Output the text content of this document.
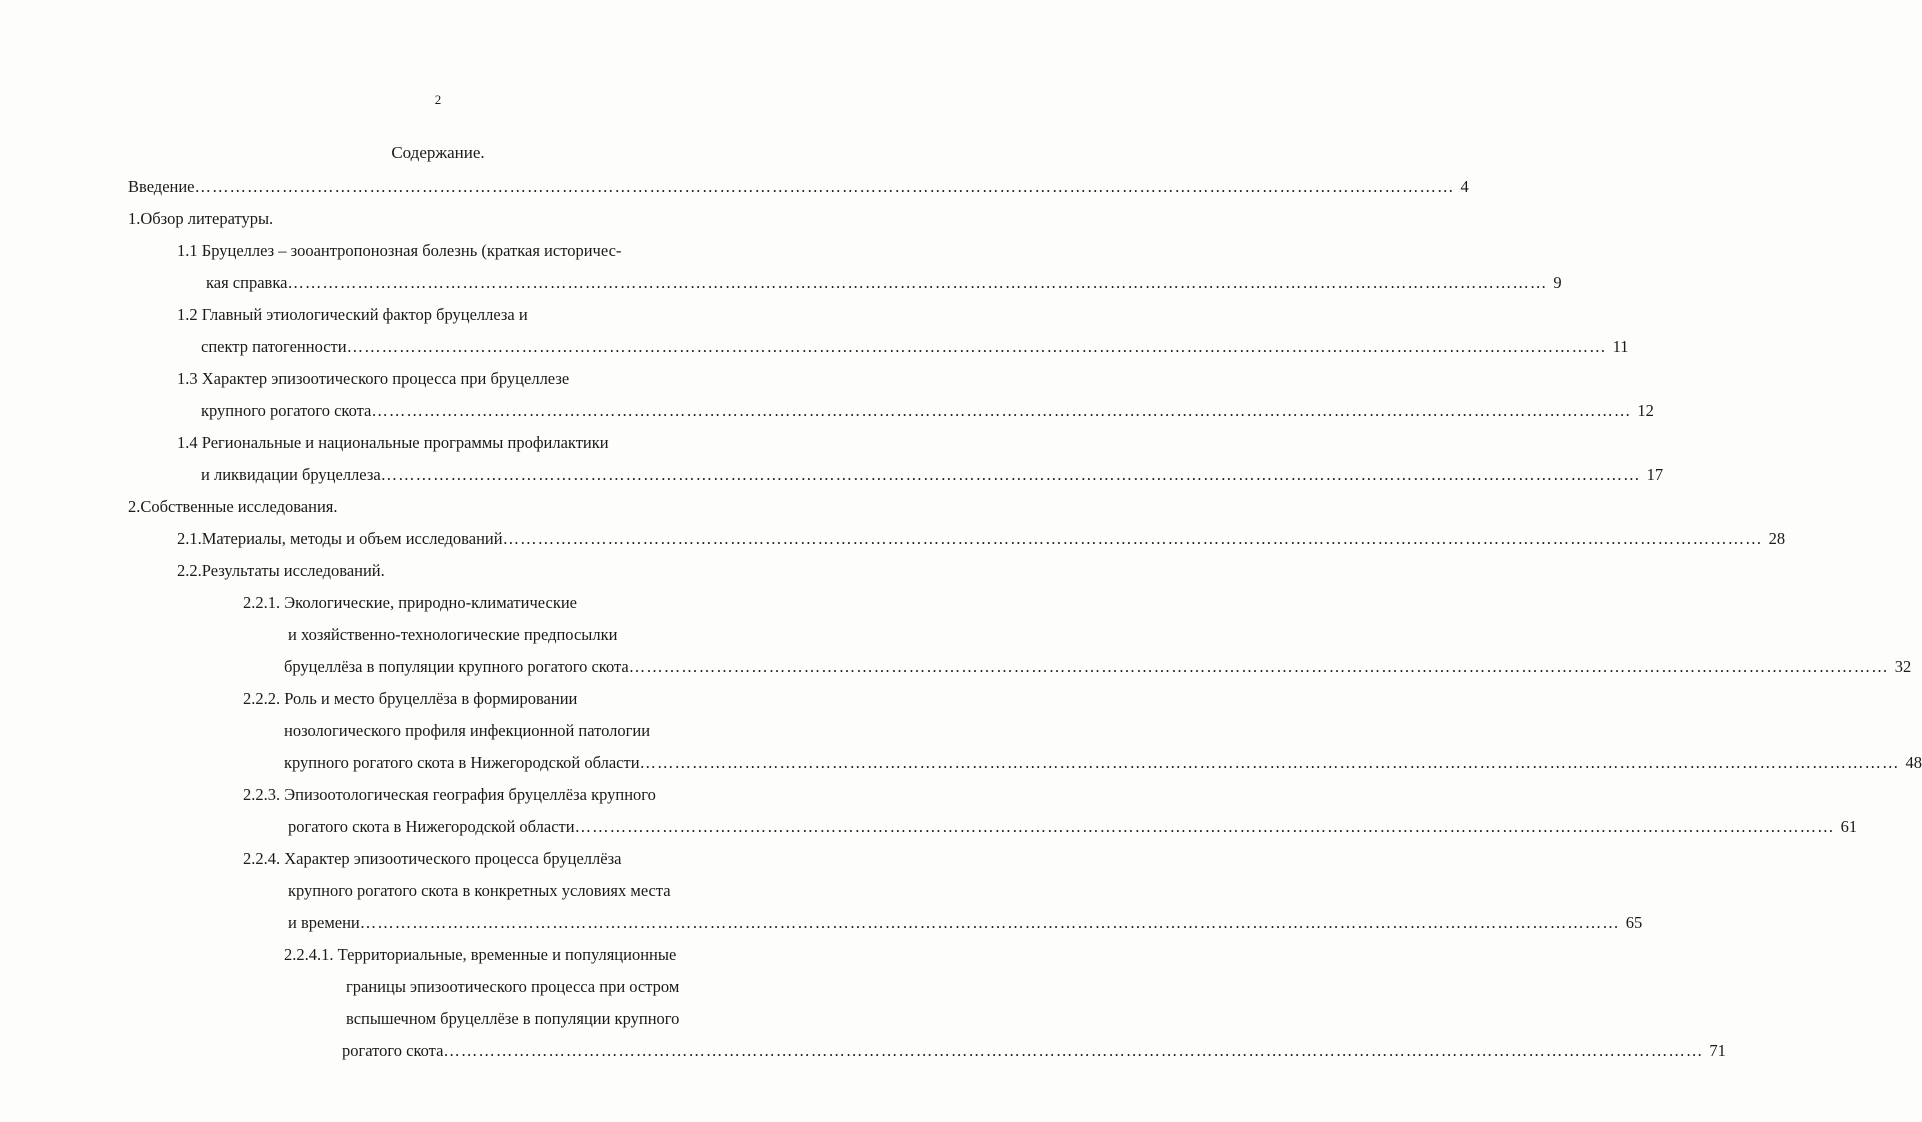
2
Содержание.
Введение ……………………………………………………………………………………………………………………………………………………………………………………………… 4
1.Обзор литературы.
1.1 Бруцеллез – зооантропонозная болезнь (краткая историчес-
кая справка ……………………………………………………………………………………………………………………………………………………………………………………………… 9
1.2 Главный этиологический фактор бруцеллеза и
спектр патогенности ……………………………………………………………………………………………………………………………………………………………………………………………… 11
1.3 Характер эпизоотического процесса при бруцеллезе
крупного рогатого скота ……………………………………………………………………………………………………………………………………………………………………………………………… 12
1.4 Региональные и национальные программы профилактики
и ликвидации бруцеллеза ……………………………………………………………………………………………………………………………………………………………………………………………… 17
2.Собственные исследования.
2.1.Материалы, методы и объем исследований ……………………………………………………………………………………………………………………………………………………………………………………………… 28
2.2.Результаты исследований.
2.2.1. Экологические, природно-климатические
и хозяйственно-технологические предпосылки
бруцеллёза в популяции крупного рогатого скота ……………………………………………………………………………………………………………………………………………………………………………………………… 32
2.2.2. Роль и место бруцеллёза в формировании
нозологического профиля инфекционной патологии
крупного рогатого скота в Нижегородской области ……………………………………………………………………………………………………………………………………………………………………………………………… 48
2.2.3. Эпизоотологическая география бруцеллёза крупного
рогатого скота в Нижегородской области ……………………………………………………………………………………………………………………………………………………………………………………………… 61
2.2.4. Характер эпизоотического процесса бруцеллёза
крупного рогатого скота в конкретных условиях места
и времени ……………………………………………………………………………………………………………………………………………………………………………………………… 65
2.2.4.1. Территориальные, временные и популяционные
границы эпизоотического процесса при остром
вспышечном бруцеллёзе в популяции крупного
рогатого скота ……………………………………………………………………………………………………………………………………………………………………………………………… 71
